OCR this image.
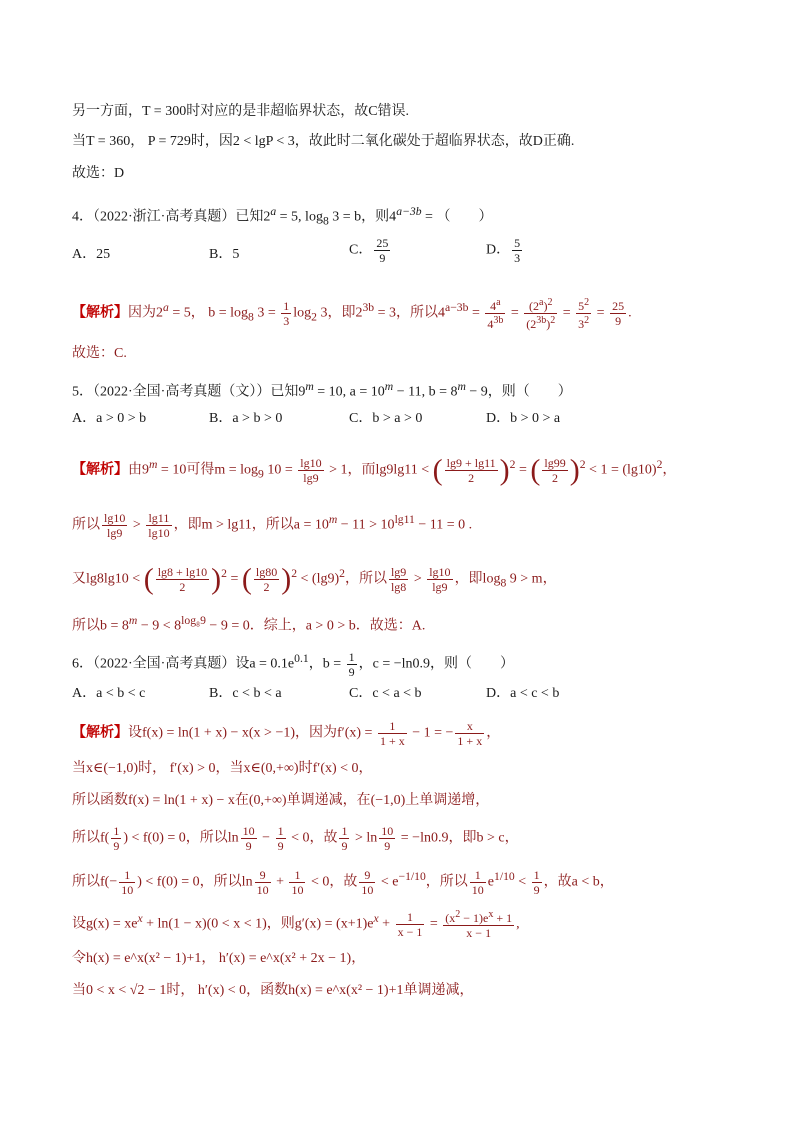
另一方面，T = 300时对应的是非超临界状态，故C错误.
当T = 360， P = 729时，因2 < lgP < 3，故此时二氧化碳处于超临界状态，故D正确.
故选：D
4．（2022·浙江·高考真题）已知$2^a = 5$, $\log_8 3 = b$，则$4^{a-3b}$ = （　　）
A．25	B．5	C． $\frac{25}{9}$	D． $\frac{5}{3}$
【解析】因为$2^a = 5$， $b = \log_8 3 = \frac{1}{3} \log_2 3$，即$2^{3b} = 3$，所以$4^{a-3b} = \frac{4^a}{4^{3b}} = \frac{(2^a)^2}{(2^{3b})^2} = \frac{5^2}{3^2} = \frac{25}{9}$ .
故选：C.
5．（2022·全国·高考真题（文））已知$9^m = 10$, $a = 10^m - 11$, $b = 8^m - 9$，则（　　）
A．a > 0 > b	B．a > b > 0	C．b > a > 0	D．b > 0 > a
【解析】由$9^m = 10$可得$m = \log_9 10 = \frac{\lg 10}{\lg 9} > 1$，而lg9lg11 < ( $\frac{\lg 9 + \lg 11}{2} )^2$ = ( $\frac{\lg 99}{2} )^2 < 1 = (\lg 10)^2$，
所以 $\frac{\lg 10}{\lg 9} > \frac{\lg 11}{\lg 10}$ ，即m > lg11，所以$a = 10^m - 11 > 10^{lg11} - 11 = 0$ .
又lg8lg10 < ( $\frac{\lg 8 + \lg 10}{2} )^2$ = ( $\frac{\lg 80}{2} )^2 < (\lg 9)^2$，所以 $\frac{\lg 9}{\lg 8} > \frac{\lg 10}{\lg 9}$ ，即$\log_8 9 > m$，
所以$b = 8^m - 9 < 8^{log_89} - 9 = 0$．综上，a > 0 > b．故选：A.
6．（2022·全国·高考真题）设$a = 0.1e^{0.1}$，$b = \frac{1}{9}$ ，c = −ln0.9，则（　　）
A．a < b < c	B．c < b < a	C．c < a < b	D．a < c < b
【解析】设f(x) = ln(1 + x) − x(x > −1)，因为$f'(x) = \frac{1}{1 + x} - 1$ = − $\frac{x}{1 + x}$ ，
当x∈(−1,0)时， f′(x) > 0，当x∈(0,+∞)时f′(x) < 0，
所以函数f(x) = ln(1 + x) − x在(0,+∞)单调递减，在(−1,0)上单调递增，
所以$f( \frac{1}{9}$ ) < f(0) = 0，所以$\ln \frac{10}{9} - \frac{1}{9} < 0$，故 $\frac{1}{9} > \ln \frac{10}{9} = -\ln 0.9$，即b > c，
所以$f(- \frac{1}{10}$ ) < f(0) = 0，所以$\ln \frac{9}{10} + \frac{1}{10} < 0$，故 $\frac{9}{10} < e^{-1/10}$，所以 $\frac{1}{10} e^{1/10} < \frac{1}{9}$ ，故a < b，
设$g(x) = xe^x + \ln(1 - x)(0 < x < 1)$，则$g'(x) = (x+1)e^x + \frac{1}{x - 1} = \frac{(x^2 - 1)e^x + 1}{x - 1}$ ,
令h(x) = e^x(x² − 1)+1， h′(x) = e^x(x² + 2x − 1)，
当0 < x < √2 − 1时， h′(x) < 0，函数h(x) = e^x(x² − 1)+1单调递减，
